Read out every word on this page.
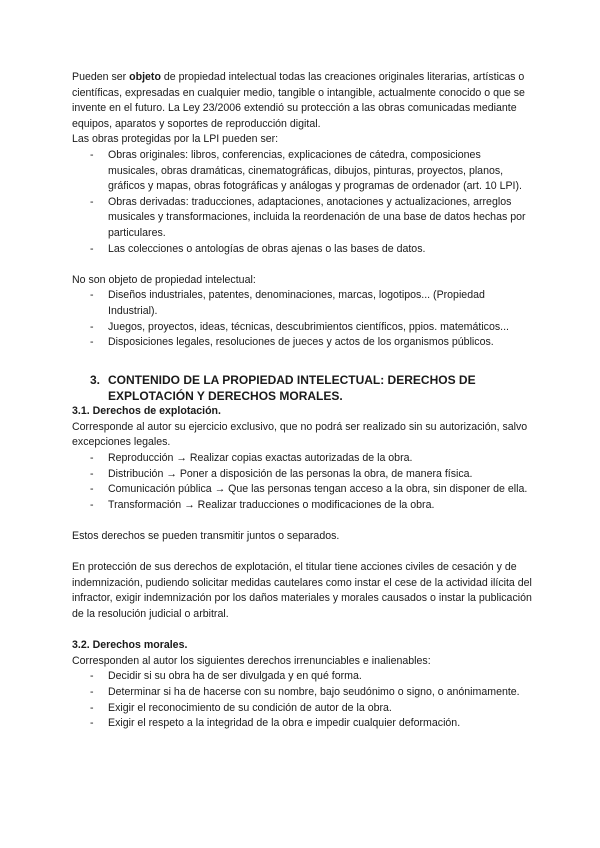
Pueden ser objeto de propiedad intelectual todas las creaciones originales literarias, artísticas o científicas, expresadas en cualquier medio, tangible o intangible, actualmente conocido o que se invente en el futuro. La Ley 23/2006 extendió su protección a las obras comunicadas mediante equipos, aparatos y soportes de reproducción digital.

Las obras protegidas por la LPI pueden ser:

- Obras originales: libros, conferencias, explicaciones de cátedra, composiciones musicales, obras dramáticas, cinematográficas, dibujos, pinturas, proyectos, planos, gráficos y mapas, obras fotográficas y análogas y programas de ordenador (art. 10 LPI).
- Obras derivadas: traducciones, adaptaciones, anotaciones y actualizaciones, arreglos musicales y transformaciones, incluida la reordenación de una base de datos hechas por particulares.
- Las colecciones o antologías de obras ajenas o las bases de datos.

No son objeto de propiedad intelectual:

- Diseños industriales, patentes, denominaciones, marcas, logotipos... (Propiedad Industrial).
- Juegos, proyectos, ideas, técnicas, descubrimientos científicos, ppios. matemáticos...
- Disposiciones legales, resoluciones de jueces y actos de los organismos públicos.
3. CONTENIDO DE LA PROPIEDAD INTELECTUAL: DERECHOS DE EXPLOTACIÓN Y DERECHOS MORALES.

3.1. Derechos de explotación.

Corresponde al autor su ejercicio exclusivo, que no podrá ser realizado sin su autorización, salvo excepciones legales.

- Reproducción → Realizar copias exactas autorizadas de la obra.
- Distribución → Poner a disposición de las personas la obra, de manera física.
- Comunicación pública → Que las personas tengan acceso a la obra, sin disponer de ella.
- Transformación → Realizar traducciones o modificaciones de la obra.

Estos derechos se pueden transmitir juntos o separados.

En protección de sus derechos de explotación, el titular tiene acciones civiles de cesación y de indemnización, pudiendo solicitar medidas cautelares como instar el cese de la actividad ilícita del infractor, exigir indemnización por los daños materiales y morales causados o instar la publicación de la resolución judicial o arbitral.

3.2. Derechos morales.

Corresponden al autor los siguientes derechos irrenunciables e inalienables:

- Decidir si su obra ha de ser divulgada y en qué forma.
- Determinar si ha de hacerse con su nombre, bajo seudónimo o signo, o anónimamente.
- Exigir el reconocimiento de su condición de autor de la obra.
- Exigir el respeto a la integridad de la obra e impedir cualquier deformación.
